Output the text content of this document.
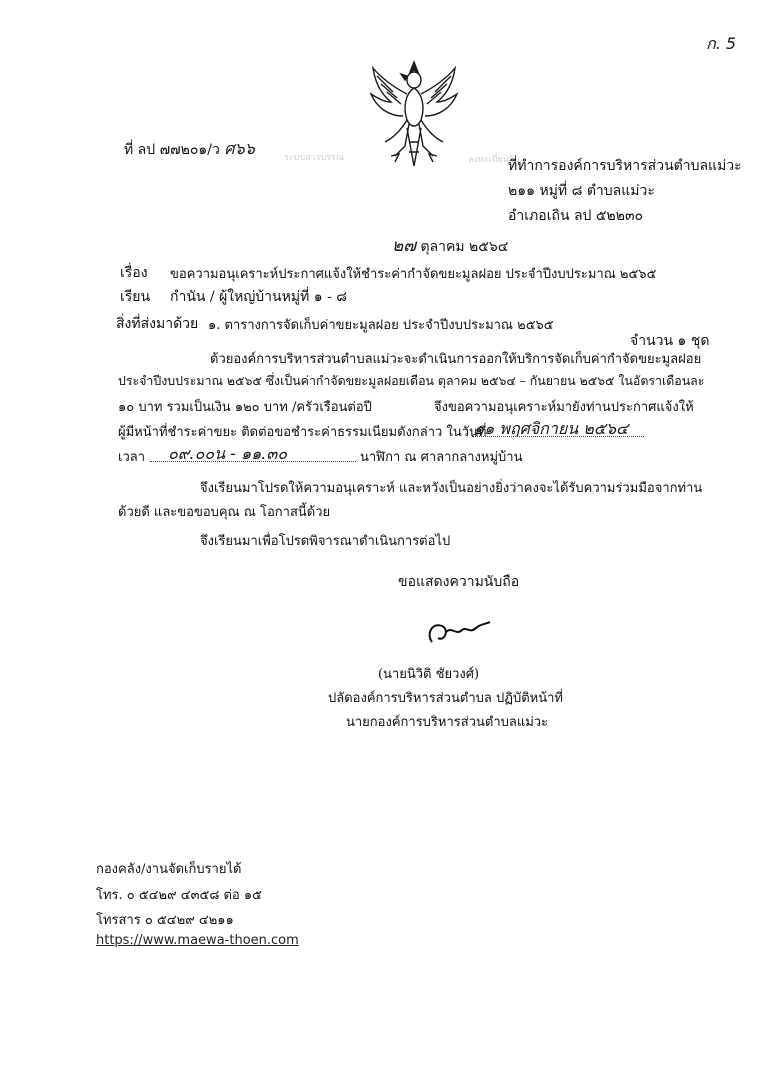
ก. 5
ระบบสารบรรณ	ลงทะเบียนรับ
ที่ ลป ๗๗๒๐๑/ว ศ๖๖
ที่ทำการองค์การบริหารส่วนตำบลแม่วะ
๒๑๑ หมู่ที่ ๘ ตำบลแม่วะ
อำเภอเถิน ลป ๕๒๒๓๐
๒๗ ตุลาคม ๒๕๖๔
เรื่อง ขอความอนุเคราะห์ประกาศแจ้งให้ชำระค่ากำจัดขยะมูลฝอย ประจำปีงบประมาณ ๒๕๖๕
เรียน กำนัน / ผู้ใหญ่บ้านหมู่ที่ ๑ - ๘
สิ่งที่ส่งมาด้วย ๑. ตารางการจัดเก็บค่าขยะมูลฝอย ประจำปีงบประมาณ ๒๕๖๕
จำนวน ๑ ชุด
ด้วยองค์การบริหารส่วนตำบลแม่วะจะดำเนินการออกให้บริการจัดเก็บค่ากำจัดขยะมูลฝอย
ประจำปีงบประมาณ ๒๕๖๕ ซึ่งเป็นค่ากำจัดขยะมูลฝอยเดือน ตุลาคม ๒๕๖๔ – กันยายน ๒๕๖๕ ในอัตราเดือนละ
๑๐ บาท รวมเป็นเงิน ๑๒๐ บาท /ครัวเรือนต่อปี	จึงขอความอนุเคราะห์มายังท่านประกาศแจ้งให้
ผู้มีหน้าที่ชำระค่าขยะ ติดต่อขอชำระค่าธรรมเนียมดังกล่าว ในวันที่
๑๑ พฤศจิกายน ๒๕๖๔
เวลา ๐๙.๐๐น - ๑๑.๓๐	นาฬิกา ณ ศาลากลางหมู่บ้าน
จึงเรียนมาโปรดให้ความอนุเคราะห์ และหวังเป็นอย่างยิ่งว่าคงจะได้รับความร่วมมือจากท่าน
ด้วยดี และขอขอบคุณ ณ โอกาสนี้ด้วย
จึงเรียนมาเพื่อโปรดพิจารณาดำเนินการต่อไป
ขอแสดงความนับถือ
(นายนิวิติ ชัยวงศ์)
ปลัดองค์การบริหารส่วนตำบล ปฏิบัติหน้าที่
นายกองค์การบริหารส่วนตำบลแม่วะ
กองคลัง/งานจัดเก็บรายได้
โทร. ๐ ๕๔๒๙ ๔๓๕๘ ต่อ ๑๕
โทรสาร ๐ ๕๔๒๙ ๔๒๑๑
https://www.maewa-thoen.com
